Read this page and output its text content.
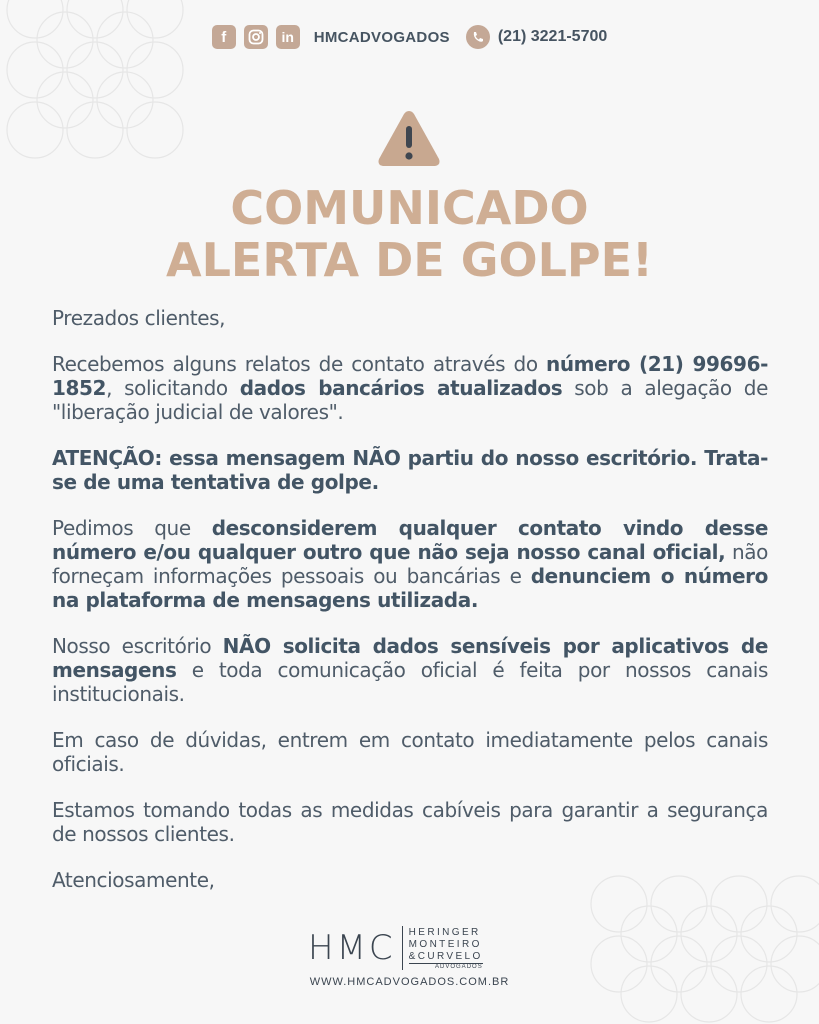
f	in	HMCADVOGADOS	(21) 3221-5700
COMUNICADO
ALERTA DE GOLPE!

Prezados clientes,

Recebemos alguns relatos de contato através do número (21) 99696-1852, solicitando dados bancários atualizados sob a alegação de "liberação judicial de valores".

ATENÇÃO: essa mensagem NÃO partiu do nosso escritório. Trata-se de uma tentativa de golpe.

Pedimos que desconsiderem qualquer contato vindo desse número e/ou qualquer outro que não seja nosso canal oficial, não forneçam informações pessoais ou bancárias e denunciem o número na plataforma de mensagens utilizada.

Nosso escritório NÃO solicita dados sensíveis por aplicativos de mensagens e toda comunicação oficial é feita por nossos canais institucionais.

Em caso de dúvidas, entrem em contato imediatamente pelos canais oficiais.

Estamos tomando todas as medidas cabíveis para garantir a segurança de nossos clientes.

Atenciosamente,

HMC HERINGER
MONTEIRO
&CURVELO
ADVOGADOS
WWW.HMCADVOGADOS.COM.BR
